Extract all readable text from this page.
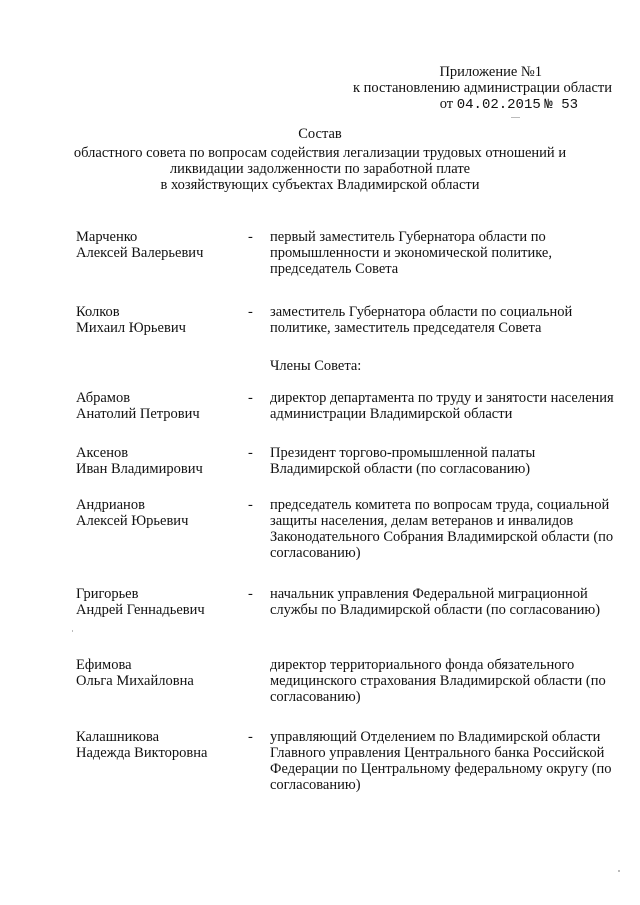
Приложение №1
к постановлению администрации области
от 04.02.2015 № 53
Состав
областного совета по вопросам содействия легализации трудовых отношений и
ликвидации задолженности по заработной плате
в хозяйствующих субъектах Владимирской области
Марченко
Алексей Валерьевич
-	первый заместитель Губернатора области по промышленности и экономической политике, председатель Совета
Колков
Михаил Юрьевич
-	заместитель Губернатора области по социальной политике, заместитель председателя Совета
Члены Совета:
Абрамов
Анатолий Петрович
-	директор департамента по труду и занятости населения администрации Владимирской области
Аксенов
Иван Владимирович
-	Президент торгово-промышленной палаты Владимирской области (по согласованию)
Андрианов
Алексей Юрьевич
-	председатель комитета по вопросам труда, социальной защиты населения, делам ветеранов и инвалидов Законодательного Собрания Владимирской области (по согласованию)
Григорьев
Андрей Геннадьевич
-	начальник управления Федеральной миграционной службы по Владимирской области (по согласованию)
Ефимова
Ольга Михайловна
директор территориального фонда обязательного медицинского страхования Владимирской области (по согласованию)
Калашникова
Надежда Викторовна
-	управляющий Отделением по Владимирской области Главного управления Центрального банка Российской Федерации по Центральному федеральному округу (по согласованию)
